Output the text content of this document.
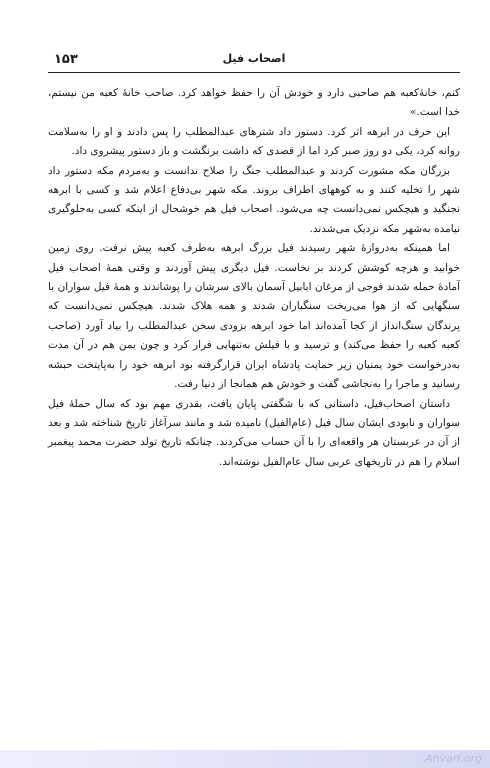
۱۵۳	اصحاب فیل

کنم، خانهٔ‌کعبه هم صاحبی دارد و خودش آن را حفظ خواهد کرد. صاحب خانهٔ کعبه من نیستم، خدا است.»

این حرف در ابرهه اثر کرد. دستور داد شترهای عبدالمطلب را پس دادند و او را به‌سلامت روانه کرد، یکی دو روز صبر کرد اما از قصدی که داشت برنگشت و باز دستور پیشروی داد.

بزرگان مکه مشورت کردند و عبدالمطلب جنگ را صلاح ندانست و به‌مردم مکه دستور داد شهر را تخلیه کنند و به کوههای اطراف بروند. مکه شهر بی‌دفاع اعلام شد و کسی با ابرهه نجنگید و هیچکس نمی‌دانست چه می‌شود. اصحاب فیل هم خوشحال از اینکه کسی به‌جلوگیری نیامده به‌شهر مکه نزدیک می‌شدند.

اما همینکه به‌دروازهٔ شهر رسیدند فیل بزرگ ابرهه به‌طرف کعبه پیش نرفت. روی زمین خوابید و هرچه کوشش کردند بر نخاست. فیل دیگری پیش آوردند و وقتی همهٔ اصحاب فیل آمادهٔ حمله شدند فوجی از مرغان ابابیل آسمان بالای سرشان را پوشاندند و همهٔ فیل سواران با سنگهایی که از هوا می‌ریخت سنگباران شدند و همه هلاک شدند. هیچکس نمی‌دانست که پرندگان سنگ‌انداز از کجا آمده‌اند اما خود ابرهه بزودی سخن عبدالمطلب را بیاد آورد (صاحب کعبه کعبه را حفظ می‌کند) و ترسید و با فیلش به‌تنهایی فرار کرد و چون یمن هم در آن مدت به‌درخواست خود یمنیان زیر حمایت پادشاه ایران قرارگرفته بود ابرهه خود را به‌پایتخت حبشه رسانید و ماجرا را به‌نجاشی گفت و خودش هم همانجا از دنیا رفت.

داستان اصحاب‌فیل، داستانی که با شگفتی پایان یافت، بقدری مهم بود که سال حملهٔ فیل سواران و نابودی ایشان سال فیل (عام‌الفیل) نامیده شد و مانند سرآغاز تاریخ شناخته شد و بعد از آن در عربستان هر واقعه‌ای را با آن حساب می‌کردند. چنانکه تاریخ تولد حضرت محمد پیغمبر اسلام را هم در تاریخهای عربی سال عام‌الفیل نوشته‌اند.

Anvari.org
